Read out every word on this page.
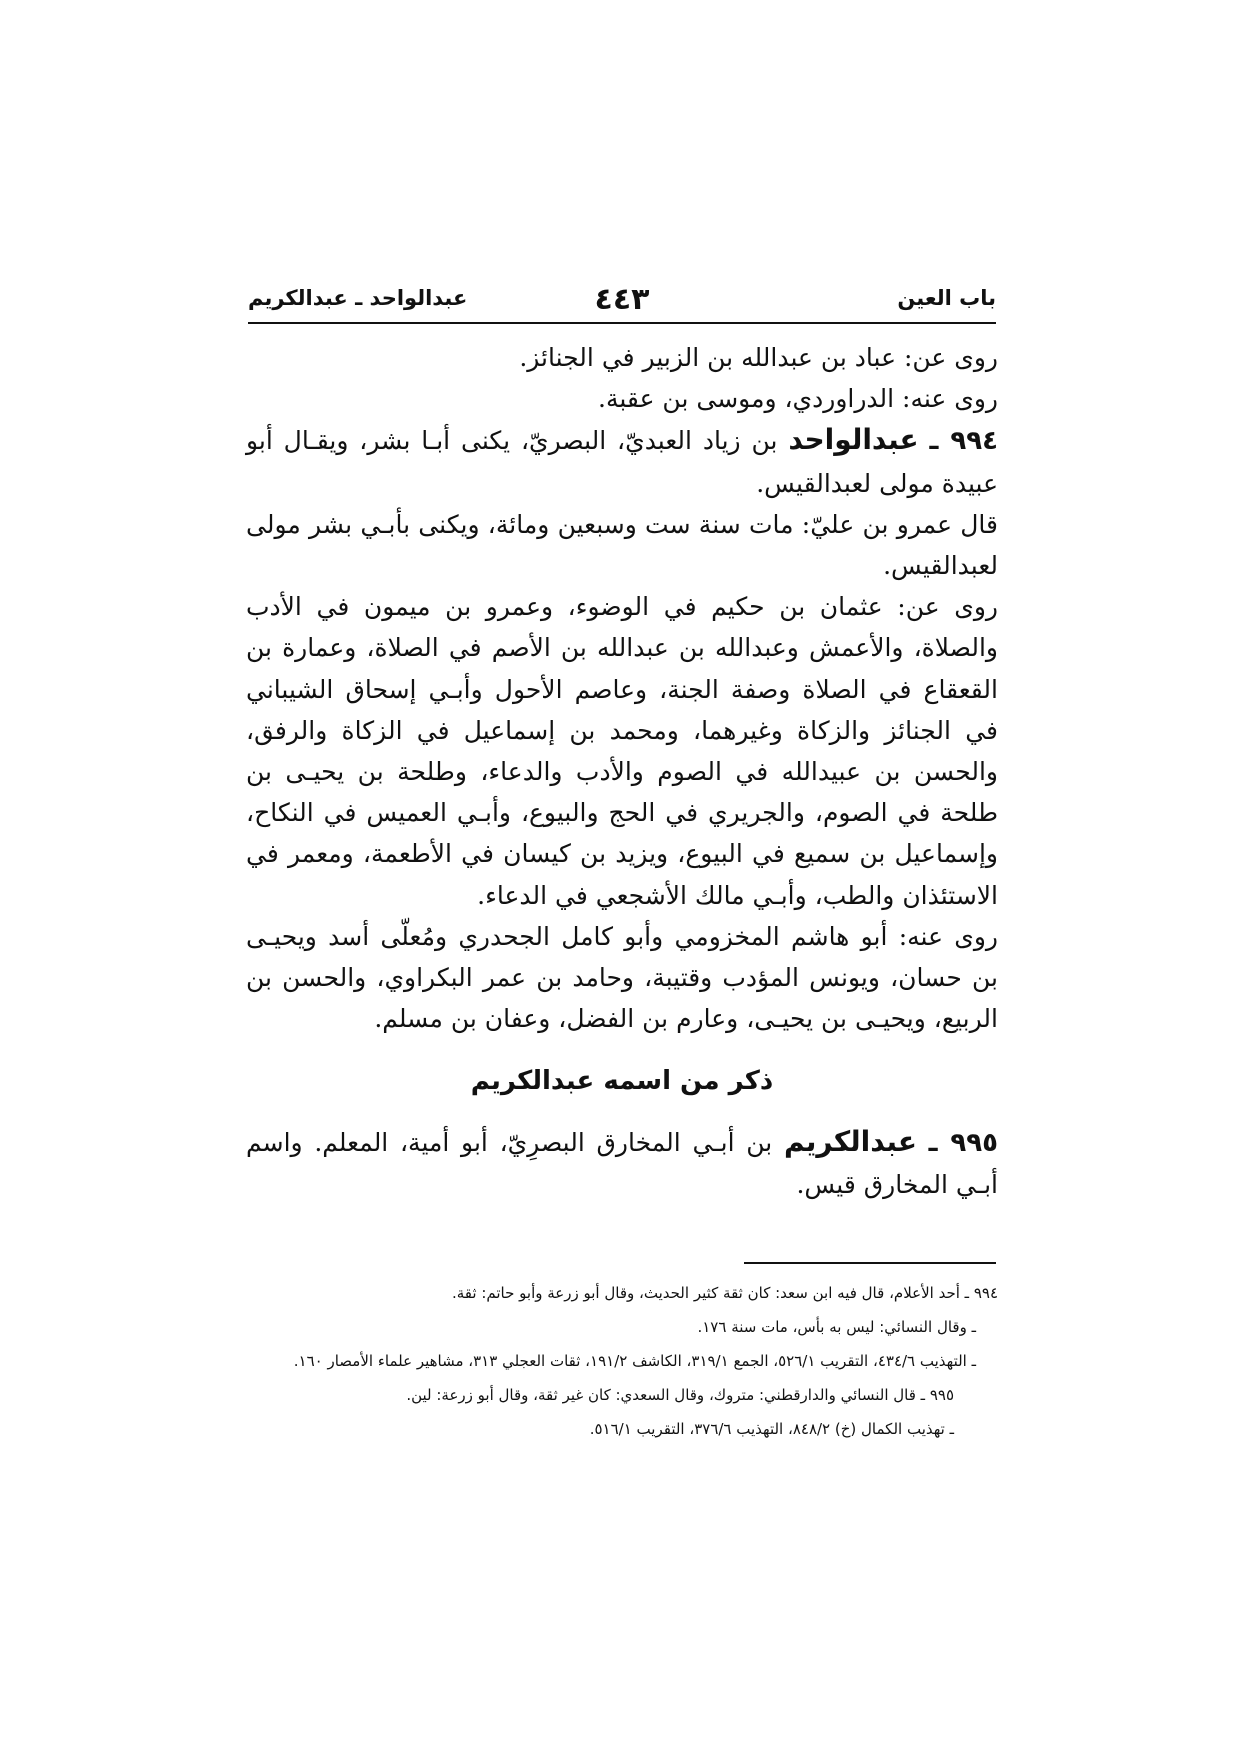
باب العين
٤٤٣
عبدالواحد ـ عبدالكريم

روى عن: عباد بن عبدالله بن الزبير في الجنائز.

روى عنه: الدراوردي، وموسى بن عقبة.

٩٩٤ ـ عبدالواحد بن زياد العبديّ، البصريّ، يكنى أبـا بشر، ويقـال أبو عبيدة مولى لعبدالقيس.

قال عمرو بن عليّ: مات سنة ست وسبعين ومائة، ويكنى بأبـي بشر مولى لعبدالقيس.

روى عن: عثمان بن حكيم في الوضوء، وعمرو بن ميمون في الأدب والصلاة، والأعمش وعبدالله بن عبدالله بن الأصم في الصلاة، وعمارة بن القعقاع في الصلاة وصفة الجنة، وعاصم الأحول وأبـي إسحاق الشيباني في الجنائز والزكاة وغيرهما، ومحمد بن إسماعيل في الزكاة والرفق، والحسن بن عبيدالله في الصوم والأدب والدعاء، وطلحة بن يحيـى بن طلحة في الصوم، والجريري في الحج والبيوع، وأبـي العميس في النكاح، وإسماعيل بن سميع في البيوع، ويزيد بن كيسان في الأطعمة، ومعمر في الاستئذان والطب، وأبـي مالك الأشجعي في الدعاء.

روى عنه: أبو هاشم المخزومي وأبو كامل الجحدري ومُعلّى أسد ويحيـى بن حسان، ويونس المؤدب وقتيبة، وحامد بن عمر البكراوي، والحسن بن الربيع، ويحيـى بن يحيـى، وعارم بن الفضل، وعفان بن مسلم.

ذكر من اسمه عبدالكريم

٩٩٥ ـ عبدالكريم بن أبـي المخارق البصرِيّ، أبو أمية، المعلم. واسم أبـي المخارق قيس.

٩٩٤ ـ أحد الأعلام، قال فيه ابن سعد: كان ثقة كثير الحديث، وقال أبو زرعة وأبو حاتم: ثقة.

ـ وقال النسائي: ليس به بأس، مات سنة ١٧٦.

ـ التهذيب ٤٣٤/٦، التقريب ٥٢٦/١، الجمع ٣١٩/١، الكاشف ١٩١/٢، ثقات العجلي ٣١٣، مشاهير علماء الأمصار ١٦٠.

٩٩٥ ـ قال النسائي والدارقطني: متروك، وقال السعدي: كان غير ثقة، وقال أبو زرعة: لين.

ـ تهذيب الكمال (خ) ٨٤٨/٢، التهذيب ٣٧٦/٦، التقريب ٥١٦/١.
